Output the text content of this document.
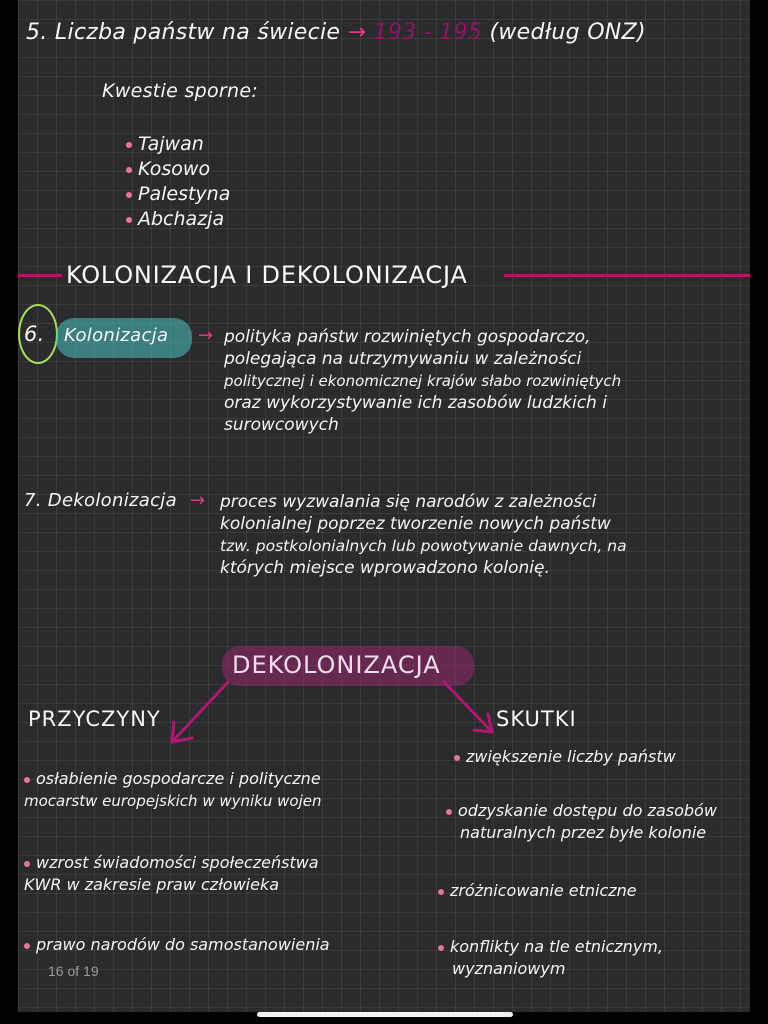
5. Liczba państw na świecie → 193 - 195 (według ONZ)
Kwestie sporne:
Tajwan
Kosowo
Palestyna
Abchazja
KOLONIZACJA I DEKOLONIZACJA
6. Kolonizacja → polityka państw rozwiniętych gospodarczo,
polegająca na utrzymywaniu w zależności
politycznej i ekonomicznej krajów słabo rozwiniętych
oraz wykorzystywanie ich zasobów ludzkich i
surowcowych
7. Dekolonizacja → proces wyzwalania się narodów z zależności
kolonialnej poprzez tworzenie nowych państw
tzw. postkolonialnych lub powotywanie dawnych, na
których miejsce wprowadzono kolonię.
DEKOLONIZACJA
PRZYCZYNY	SKUTKI
osłabienie gospodarcze i polityczne
mocarstw europejskich w wyniku wojen
wzrost świadomości społeczeństwa
KWR w zakresie praw człowieka
prawo narodów do samostanowienia
zwiększenie liczby państw
odzyskanie dostępu do zasobów
naturalnych przez byłe kolonie
zróżnicowanie etniczne
konflikty na tle etnicznym,
wyznaniowym
16 of 19
